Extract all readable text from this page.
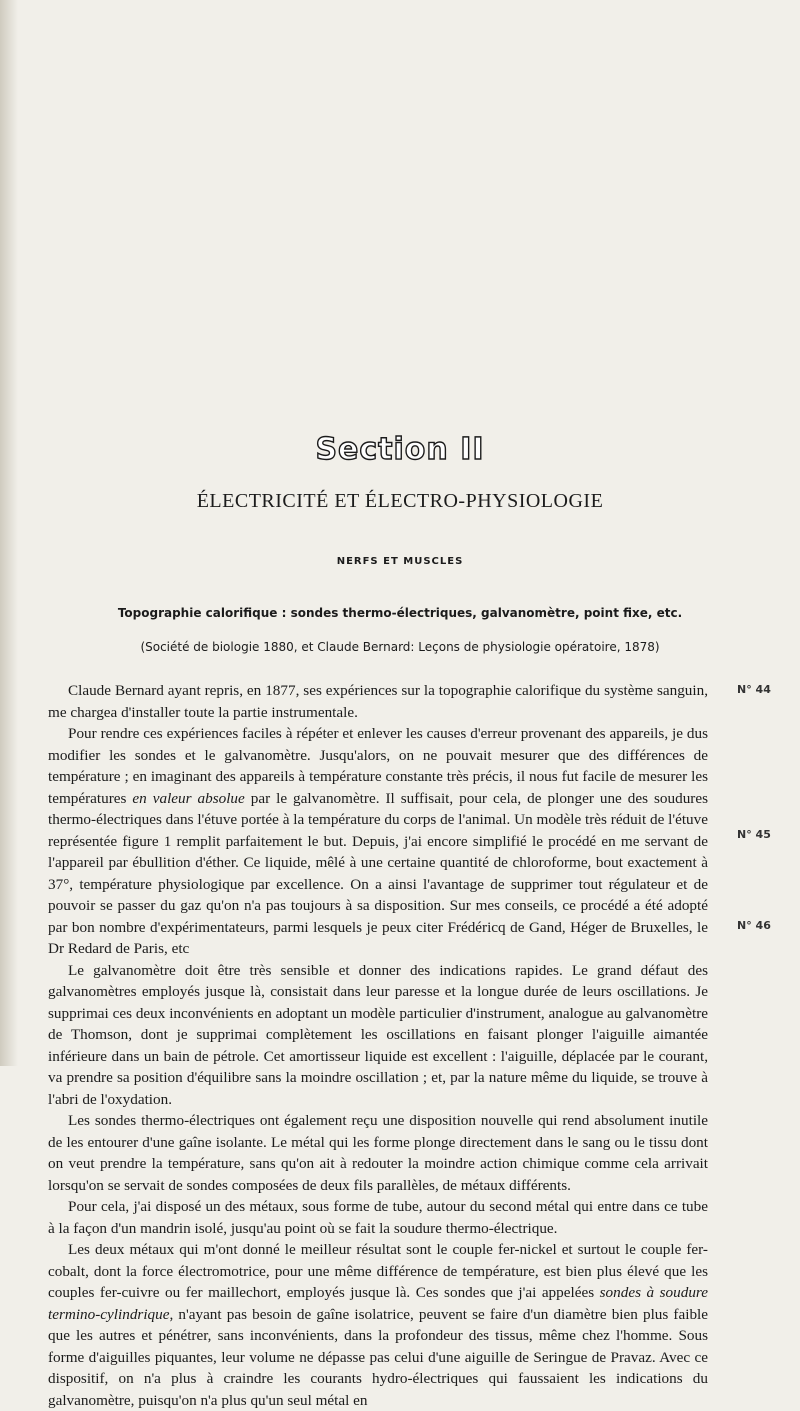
Section II
ÉLECTRICITÉ ET ÉLECTRO-PHYSIOLOGIE
NERFS ET MUSCLES
Topographie calorifique : sondes thermo-électriques, galvanomètre, point fixe, etc.
(Société de biologie 1880, et Claude Bernard: Leçons de physiologie opératoire, 1878)
N° 44
N° 45
N° 46

Claude Bernard ayant repris, en 1877, ses expériences sur la topographie calorifique du système sanguin, me chargea d'installer toute la partie instrumentale.

Pour rendre ces expériences faciles à répéter et enlever les causes d'erreur provenant des appareils, je dus modifier les sondes et le galvanomètre. Jusqu'alors, on ne pouvait mesurer que des différences de température ; en imaginant des appareils à température constante très précis, il nous fut facile de mesurer les températures en valeur absolue par le galvanomètre. Il suffisait, pour cela, de plonger une des soudures thermo-électriques dans l'étuve portée à la température du corps de l'animal. Un modèle très réduit de l'étuve représentée figure 1 remplit parfaitement le but. Depuis, j'ai encore simplifié le procédé en me servant de l'appareil par ébullition d'éther. Ce liquide, mêlé à une certaine quantité de chloroforme, bout exactement à 37°, température physiologique par excellence. On a ainsi l'avantage de supprimer tout régulateur et de pouvoir se passer du gaz qu'on n'a pas toujours à sa disposition. Sur mes conseils, ce procédé a été adopté par bon nombre d'expérimentateurs, parmi lesquels je peux citer Frédéricq de Gand, Héger de Bruxelles, le Dr Redard de Paris, etc

Le galvanomètre doit être très sensible et donner des indications rapides. Le grand défaut des galvanomètres employés jusque là, consistait dans leur paresse et la longue durée de leurs oscillations. Je supprimai ces deux inconvénients en adoptant un modèle particulier d'instrument, analogue au galvanomètre de Thomson, dont je supprimai complètement les oscillations en faisant plonger l'aiguille aimantée inférieure dans un bain de pétrole. Cet amortisseur liquide est excellent : l'aiguille, déplacée par le courant, va prendre sa position d'équilibre sans la moindre oscillation ; et, par la nature même du liquide, se trouve à l'abri de l'oxydation.

Les sondes thermo-électriques ont également reçu une disposition nouvelle qui rend absolument inutile de les entourer d'une gaîne isolante. Le métal qui les forme plonge directement dans le sang ou le tissu dont on veut prendre la température, sans qu'on ait à redouter la moindre action chimique comme cela arrivait lorsqu'on se servait de sondes composées de deux fils parallèles, de métaux différents.

Pour cela, j'ai disposé un des métaux, sous forme de tube, autour du second métal qui entre dans ce tube à la façon d'un mandrin isolé, jusqu'au point où se fait la soudure thermo-électrique.

Les deux métaux qui m'ont donné le meilleur résultat sont le couple fer-nickel et surtout le couple fer-cobalt, dont la force électromotrice, pour une même différence de température, est bien plus élevé que les couples fer-cuivre ou fer maillechort, employés jusque là. Ces sondes que j'ai appelées sondes à soudure termino-cylindrique, n'ayant pas besoin de gaîne isolatrice, peuvent se faire d'un diamètre bien plus faible que les autres et pénétrer, sans inconvénients, dans la profondeur des tissus, même chez l'homme. Sous forme d'aiguilles piquantes, leur volume ne dépasse pas celui d'une aiguille de Seringue de Pravaz. Avec ce dispositif, on n'a plus à craindre les courants hydro-électriques qui faussaient les indications du galvanomètre, puisqu'on n'a plus qu'un seul métal en
